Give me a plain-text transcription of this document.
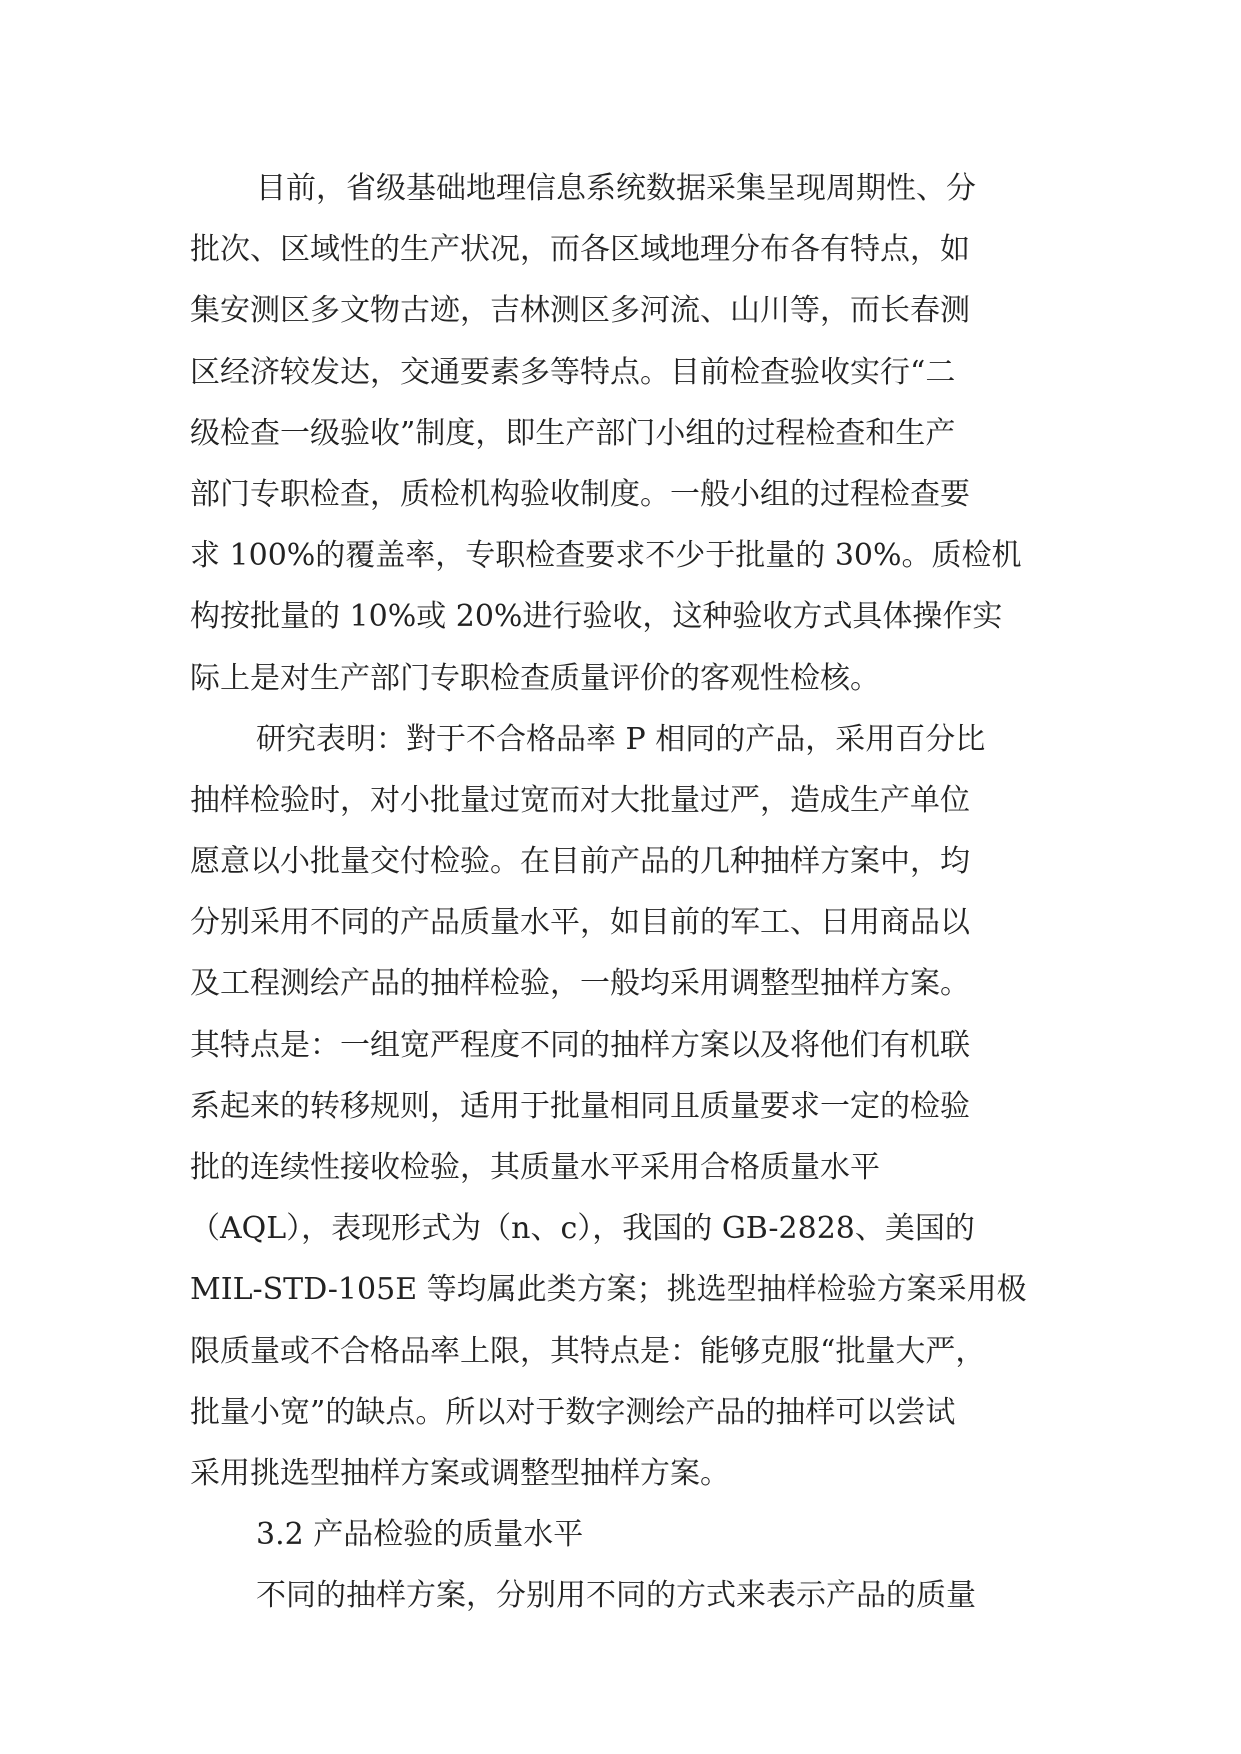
目前，省级基础地理信息系统数据采集呈现周期性、分
批次、区域性的生产状况，而各区域地理分布各有特点，如
集安测区多文物古迹，吉林测区多河流、山川等，而长春测
区经济较发达，交通要素多等特点。目前检查验收实行“二
级检查一级验收”制度，即生产部门小组的过程检查和生产
部门专职检查，质检机构验收制度。一般小组的过程检查要
求 100%的覆盖率，专职检查要求不少于批量的 30%。质检机
构按批量的 10%或 20%进行验收，这种验收方式具体操作实
际上是对生产部门专职检查质量评价的客观性检核。
研究表明：對于不合格品率 P 相同的产品，采用百分比
抽样检验时，对小批量过宽而对大批量过严，造成生产单位
愿意以小批量交付检验。在目前产品的几种抽样方案中，均
分别采用不同的产品质量水平，如目前的军工、日用商品以
及工程测绘产品的抽样检验，一般均采用调整型抽样方案。
其特点是：一组宽严程度不同的抽样方案以及将他们有机联
系起来的转移规则，适用于批量相同且质量要求一定的检验
批的连续性接收检验，其质量水平采用合格质量水平
（AQL），表现形式为（n、c），我国的 GB-2828、美国的
MIL-STD-105E 等均属此类方案；挑选型抽样检验方案采用极
限质量或不合格品率上限，其特点是：能够克服“批量大严，
批量小宽”的缺点。所以对于数字测绘产品的抽样可以尝试
采用挑选型抽样方案或调整型抽样方案。
3.2 产品检验的质量水平
不同的抽样方案，分别用不同的方式来表示产品的质量
